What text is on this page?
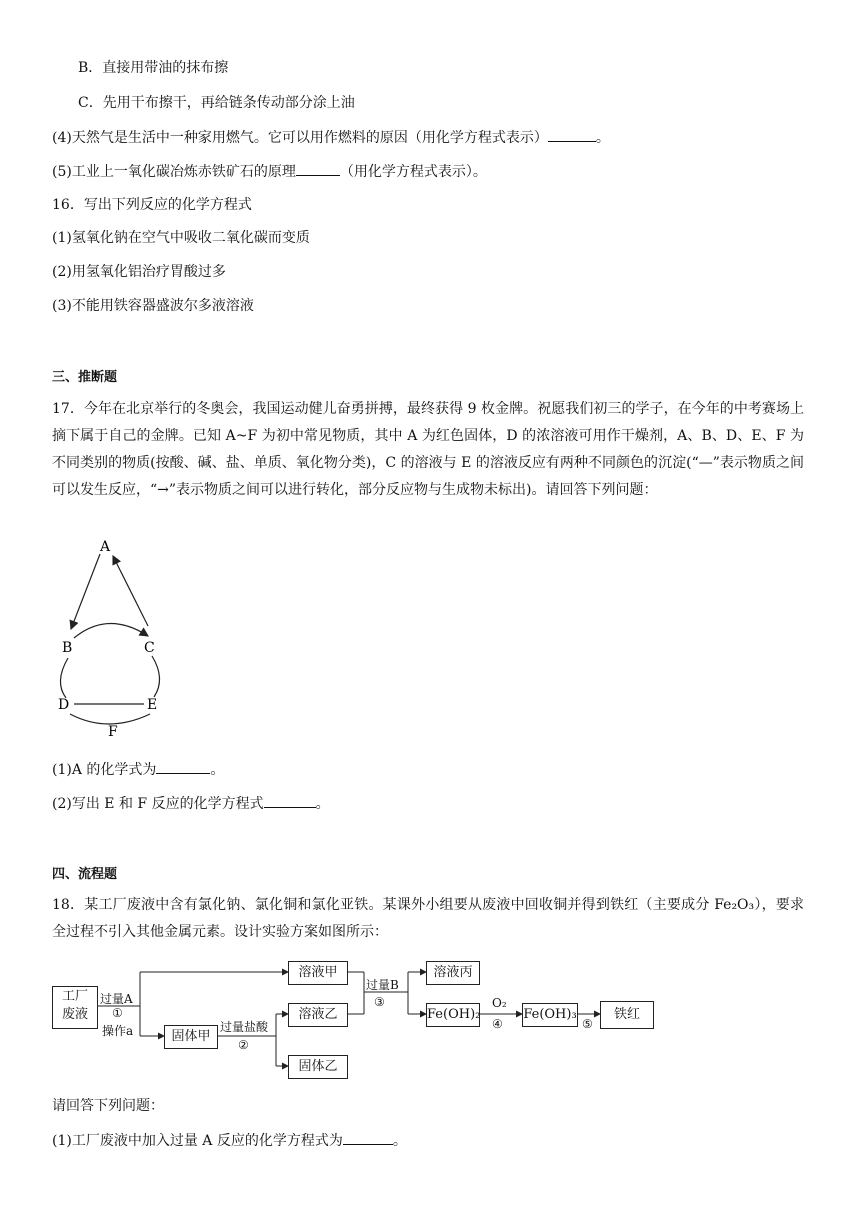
B．直接用带油的抹布擦
C．先用干布擦干，再给链条传动部分涂上油
(4)天然气是生活中一种家用燃气。它可以用作燃料的原因（用化学方程式表示）	。
(5)工业上一氧化碳冶炼赤铁矿石的原理	（用化学方程式表示）。
16．写出下列反应的化学方程式
(1)氢氧化钠在空气中吸收二氧化碳而变质
(2)用氢氧化铝治疗胃酸过多
(3)不能用铁容器盛波尔多液溶液
三、推断题
17．今年在北京举行的冬奥会，我国运动健儿奋勇拼搏，最终获得 9 枚金牌。祝愿我们初三的学子，在今年的中考赛场上摘下属于自己的金牌。已知 A~F 为初中常见物质，其中 A 为红色固体，D 的浓溶液可用作干燥剂，A、B、D、E、F 为不同类别的物质(按酸、碱、盐、单质、氧化物分类)，C 的溶液与 E 的溶液反应有两种不同颜色的沉淀(“—”表示物质之间可以发生反应，“→”表示物质之间可以进行转化，部分反应物与生成物未标出)。请回答下列问题：
A
B	C
D	E
F
(1)A 的化学式为	。
(2)写出 E 和 F 反应的化学方程式	。
四、流程题
18．某工厂废液中含有氯化钠、氯化铜和氯化亚铁。某课外小组要从废液中回收铜并得到铁红（主要成分 Fe₂O₃），要求全过程不引入其他金属元素。设计实验方案如图所示：
工厂
废液
过量A
①
操作a
溶液甲
固体甲
过量盐酸
②
溶液乙
固体乙
过量B
③
溶液丙
Fe(OH)₂
O₂
④
Fe(OH)₃
⑤
铁红
请回答下列问题：
(1)工厂废液中加入过量 A 反应的化学方程式为	。
